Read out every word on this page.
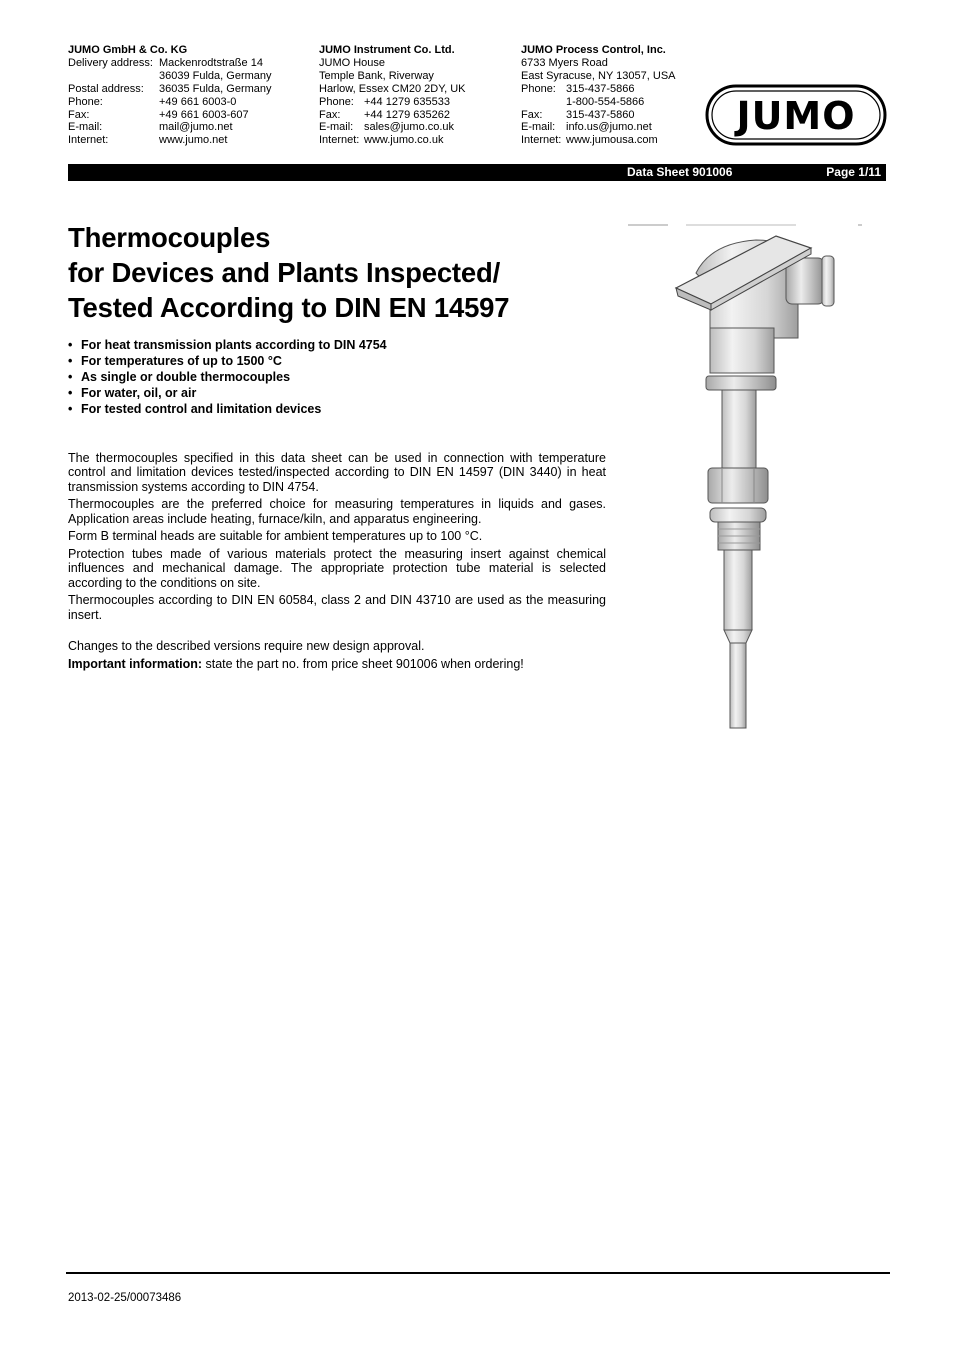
JUMO GmbH & Co. KG
Delivery address:	Mackenrodtstraße 14
	36039 Fulda, Germany
Postal address:	36035 Fulda, Germany
Phone:	+49 661 6003-0
Fax:	+49 661 6003-607
E-mail:	mail@jumo.net
Internet:	www.jumo.net
JUMO Instrument Co. Ltd.
JUMO House
Temple Bank, Riverway
Harlow, Essex CM20 2DY, UK
Phone:	+44 1279 635533
Fax:	+44 1279 635262
E-mail:	sales@jumo.co.uk
Internet:	www.jumo.co.uk
JUMO Process Control, Inc.
6733 Myers Road
East Syracuse, NY 13057, USA
Phone:	315-437-5866
	1-800-554-5866
Fax:	315-437-5860
E-mail:	info.us@jumo.net
Internet:	www.jumousa.com
JUMO
Data Sheet 901006	Page 1/11
Thermocouples
for Devices and Plants Inspected/
Tested According to DIN EN 14597
• For heat transmission plants according to DIN 4754
• For temperatures of up to 1500 °C
• As single or double thermocouples
• For water, oil, or air
• For tested control and limitation devices

The thermocouples specified in this data sheet can be used in connection with temperature control and limitation devices tested/inspected according to DIN EN 14597 (DIN 3440) in heat transmission systems according to DIN 4754.

Thermocouples are the preferred choice for measuring temperatures in liquids and gases. Application areas include heating, furnace/kiln, and apparatus engineering.

Form B terminal heads are suitable for ambient temperatures up to 100 °C.

Protection tubes made of various materials protect the measuring insert against chemical influences and mechanical damage. The appropriate protection tube material is selected according to the conditions on site.

Thermocouples according to DIN EN 60584, class 2 and DIN 43710 are used as the measuring insert.

Changes to the described versions require new design approval.

Important information: state the part no. from price sheet 901006 when ordering!

2013-02-25/00073486
